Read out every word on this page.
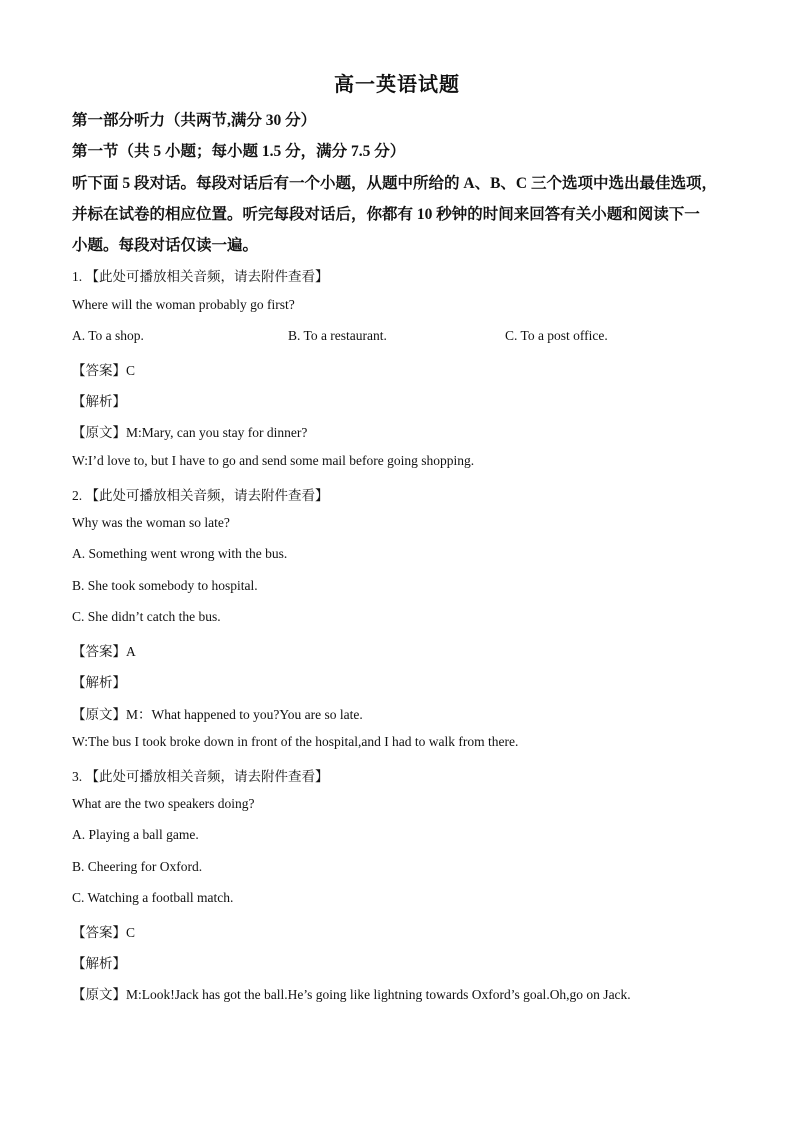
高一英语试题
第一部分听力（共两节,满分 30 分）
第一节（共 5 小题；每小题 1.5 分，满分 7.5 分）
听下面 5 段对话。每段对话后有一个小题，从题中所给的 A、B、C 三个选项中选出最佳选项，
并标在试卷的相应位置。听完每段对话后，你都有 10 秒钟的时间来回答有关小题和阅读下一
小题。每段对话仅读一遍。
1. 【此处可播放相关音频，请去附件查看】
Where will the woman probably go first?
A. To a shop.	B. To a restaurant.	C. To a post office.
【答案】C
【解析】
【原文】M:Mary, can you stay for dinner?
W:I’d love to, but I have to go and send some mail before going shopping.
2. 【此处可播放相关音频，请去附件查看】
Why was the woman so late?
A. Something went wrong with the bus.
B. She took somebody to hospital.
C. She didn’t catch the bus.
【答案】A
【解析】
【原文】M：What happened to you?You are so late.
W:The bus I took broke down in front of the hospital,and I had to walk from there.
3. 【此处可播放相关音频，请去附件查看】
What are the two speakers doing?
A. Playing a ball game.
B. Cheering for Oxford.
C. Watching a football match.
【答案】C
【解析】
【原文】M:Look!Jack has got the ball.He’s going like lightning towards Oxford’s goal.Oh,go on Jack.
